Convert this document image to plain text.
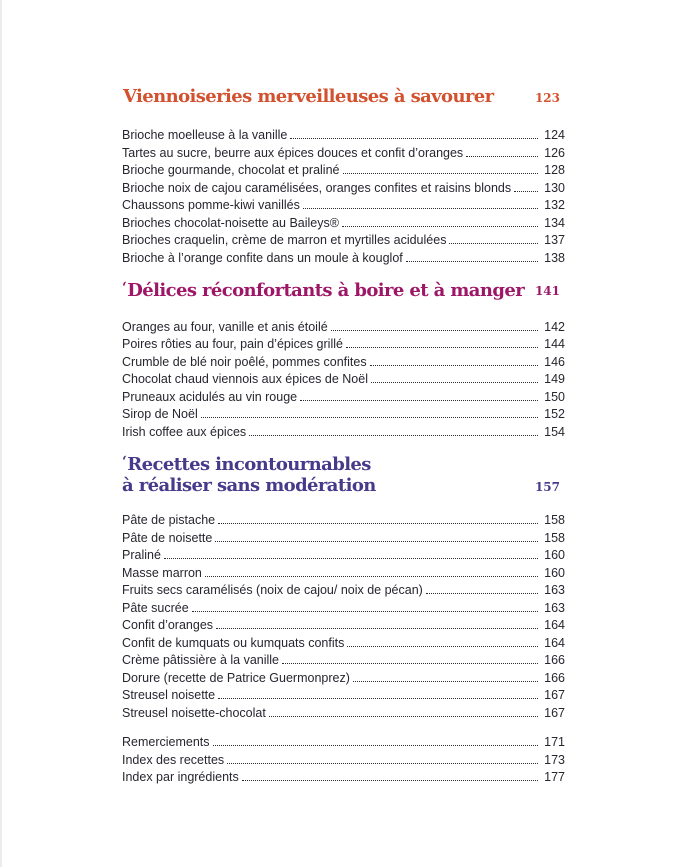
Viennoiseries merveilleuses à savourer	123
Brioche moelleuse à la vanille	124
Tartes au sucre, beurre aux épices douces et confit d’oranges	126
Brioche gourmande, chocolat et praliné	128
Brioche noix de cajou caramélisées, oranges confites et raisins blonds	130
Chaussons pomme-kiwi vanillés	132
Brioches chocolat-noisette au Baileys®	134
Brioches craquelin, crème de marron et myrtilles acidulées	137
Brioche à l’orange confite dans un moule à kouglof	138
‘Délices réconfortants à boire et à manger 141
Oranges au four, vanille et anis étoilé	142
Poires rôties au four, pain d’épices grillé	144
Crumble de blé noir poêlé, pommes confites	146
Chocolat chaud viennois aux épices de Noël	149
Pruneaux acidulés au vin rouge	150
Sirop de Noël	152
Irish coffee aux épices	154
‘Recettes incontournables
à réaliser sans modération	157
Pâte de pistache	158
Pâte de noisette	158
Praliné	160
Masse marron	160
Fruits secs caramélisés (noix de cajou/ noix de pécan)	163
Pâte sucrée	163
Confit d’oranges	164
Confit de kumquats ou kumquats confits	164
Crème pâtissière à la vanille	166
Dorure (recette de Patrice Guermonprez)	166
Streusel noisette	167
Streusel noisette-chocolat	167
Remerciements	171
Index des recettes	173
Index par ingrédients	177
